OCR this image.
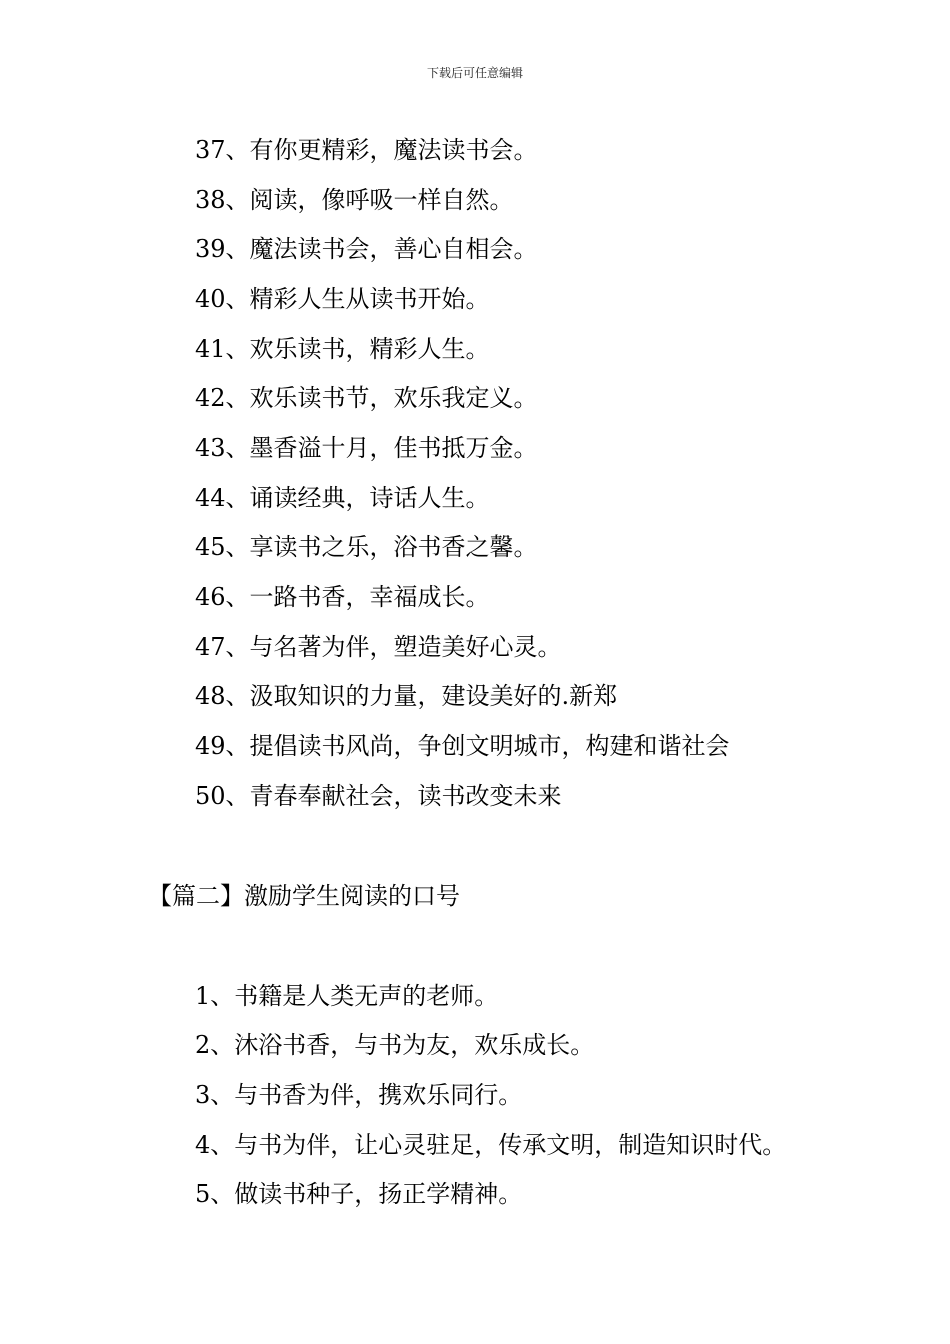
下载后可任意编辑
37、有你更精彩，魔法读书会。
38、阅读，像呼吸一样自然。
39、魔法读书会，善心自相会。
40、精彩人生从读书开始。
41、欢乐读书，精彩人生。
42、欢乐读书节，欢乐我定义。
43、墨香溢十月，佳书抵万金。
44、诵读经典，诗话人生。
45、享读书之乐，浴书香之馨。
46、一路书香，幸福成长。
47、与名著为伴，塑造美好心灵。
48、汲取知识的力量，建设美好的.新郑
49、提倡读书风尚，争创文明城市，构建和谐社会
50、青春奉献社会，读书改变未来
【篇二】激励学生阅读的口号
1、书籍是人类无声的老师。
2、沐浴书香，与书为友，欢乐成长。
3、与书香为伴，携欢乐同行。
4、与书为伴，让心灵驻足，传承文明，制造知识时代。
5、做读书种子，扬正学精神。
